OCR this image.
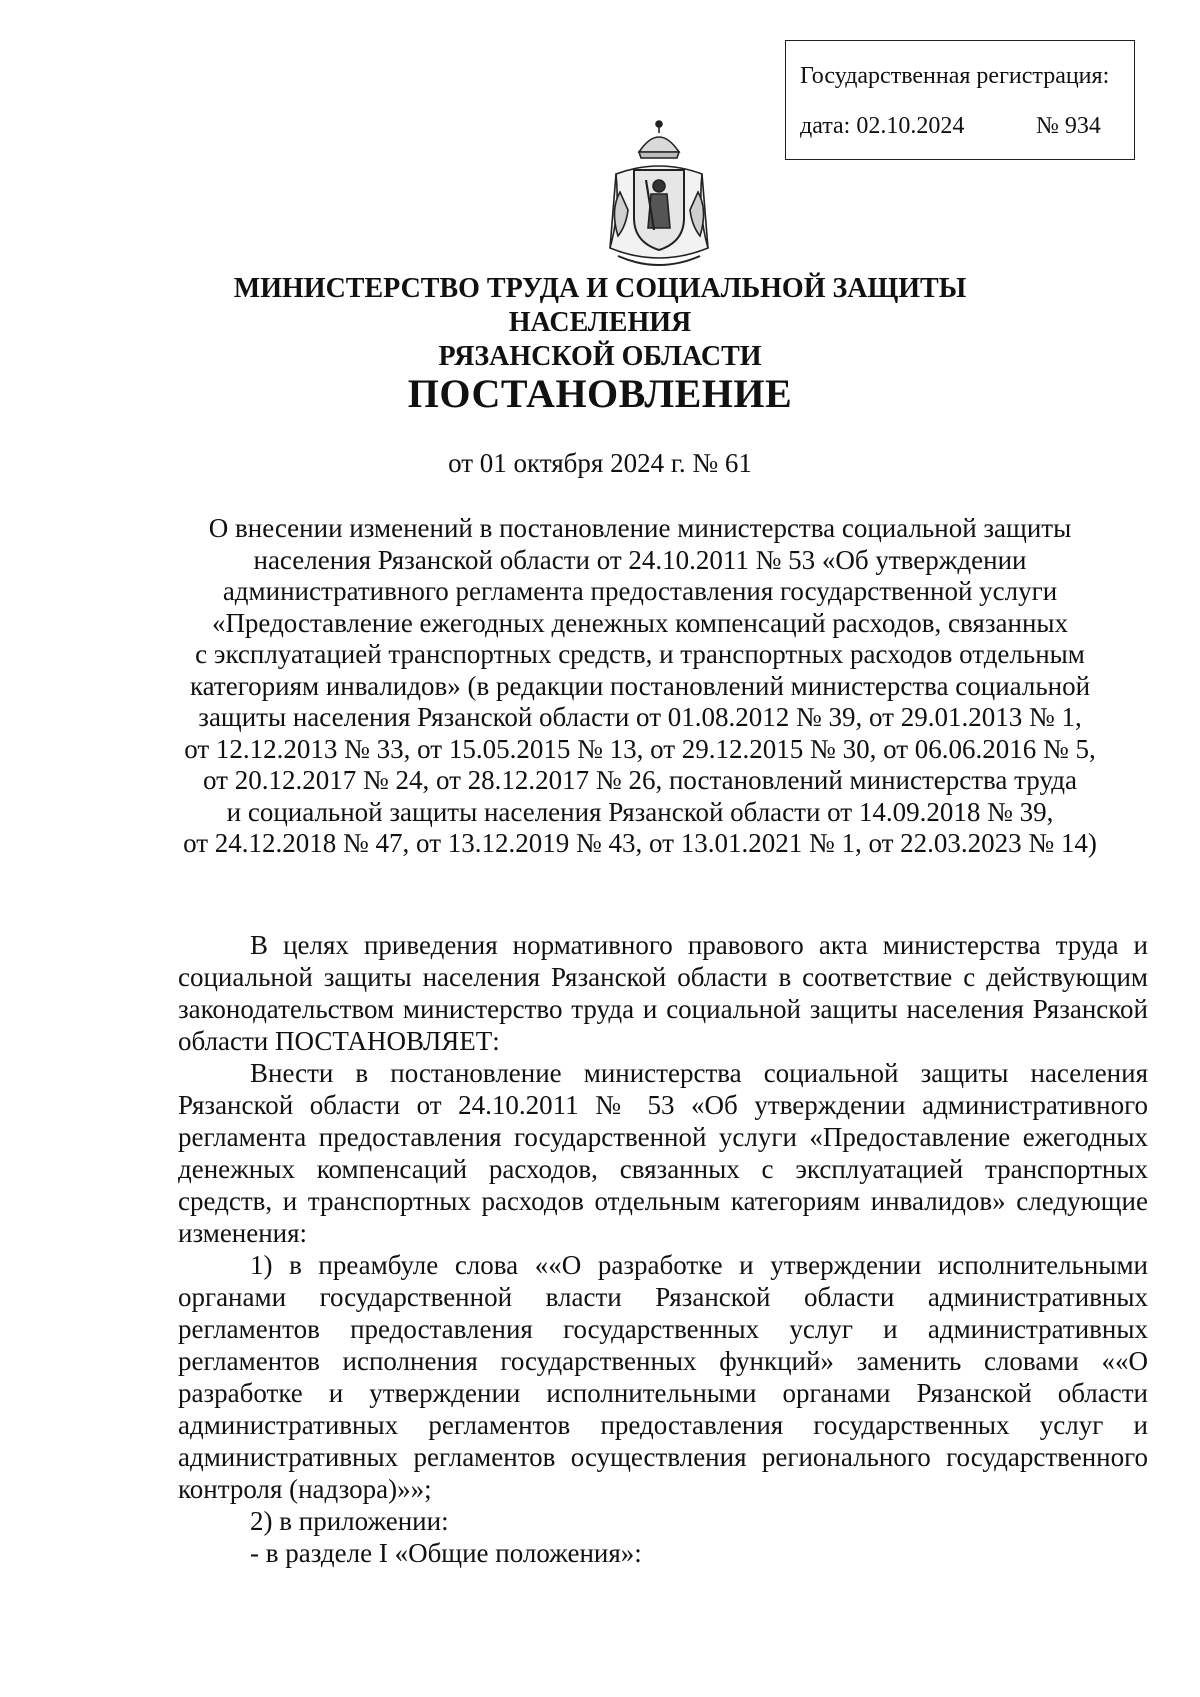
Государственная регистрация:
дата: 02.10.2024	№ 934
МИНИСТЕРСТВО ТРУДА И СОЦИАЛЬНОЙ ЗАЩИТЫ НАСЕЛЕНИЯ
РЯЗАНСКОЙ ОБЛАСТИ
ПОСТАНОВЛЕНИЕ
от 01 октября 2024 г. № 61
О внесении изменений в постановление министерства социальной защиты
населения Рязанской области от 24.10.2011 № 53 «Об утверждении
административного регламента предоставления государственной услуги
«Предоставление ежегодных денежных компенсаций расходов, связанных
с эксплуатацией транспортных средств, и транспортных расходов отдельным
категориям инвалидов» (в редакции постановлений министерства социальной
защиты населения Рязанской области от 01.08.2012 № 39, от 29.01.2013 № 1,
от 12.12.2013 № 33, от 15.05.2015 № 13, от 29.12.2015 № 30, от 06.06.2016 № 5,
от 20.12.2017 № 24, от 28.12.2017 № 26, постановлений министерства труда
и социальной защиты населения Рязанской области от 14.09.2018 № 39,
от 24.12.2018 № 47, от 13.12.2019 № 43, от 13.01.2021 № 1, от 22.03.2023 № 14)

В целях приведения нормативного правового акта министерства труда и социальной защиты населения Рязанской области в соответствие с действующим законодательством министерство труда и социальной защиты населения Рязанской области ПОСТАНОВЛЯЕТ:

Внести в постановление министерства социальной защиты населения Рязанской области от 24.10.2011 № 53 «Об утверждении административного регламента предоставления государственной услуги «Предоставление ежегодных денежных компенсаций расходов, связанных с эксплуатацией транспортных средств, и транспортных расходов отдельным категориям инвалидов» следующие изменения:

1) в преамбуле слова ««О разработке и утверждении исполнительными органами государственной власти Рязанской области административных регламентов предоставления государственных услуг и административных регламентов исполнения государственных функций» заменить словами ««О разработке и утверждении исполнительными органами Рязанской области административных регламентов предоставления государственных услуг и административных регламентов осуществления регионального государственного контроля (надзора)»»;

2) в приложении:

- в разделе I «Общие положения»:
